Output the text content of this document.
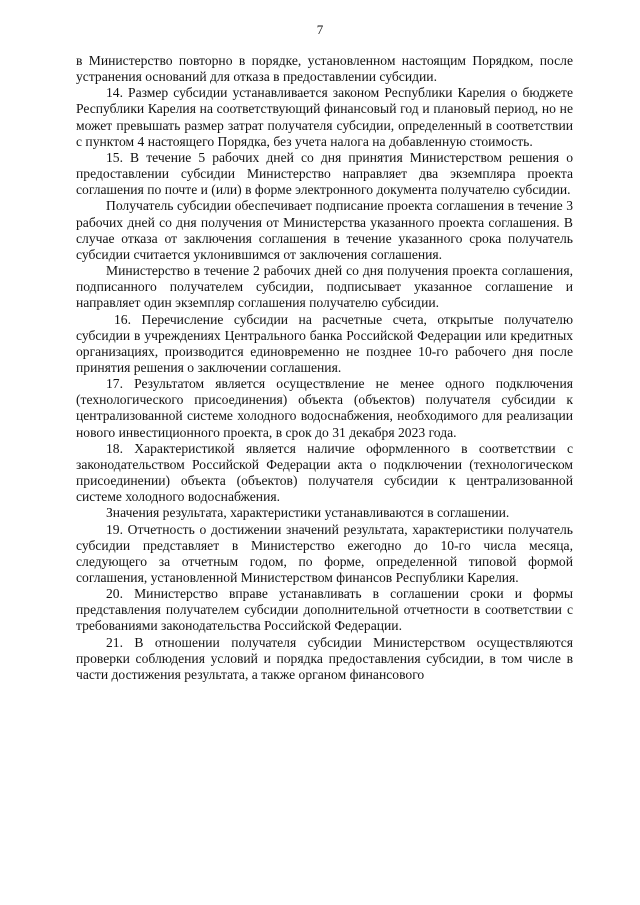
7

в Министерство повторно в порядке, установленном настоящим Порядком, после устранения оснований для отказа в предоставлении субсидии.

14. Размер субсидии устанавливается законом Республики Карелия о бюджете Республики Карелия на соответствующий финансовый год и плановый период, но не может превышать размер затрат получателя субсидии, определенный в соответствии с пунктом 4 настоящего Порядка, без учета налога на добавленную стоимость.

15. В течение 5 рабочих дней со дня принятия Министерством решения о предоставлении субсидии Министерство направляет два экземпляра проекта соглашения по почте и (или) в форме электронного документа получателю субсидии.

Получатель субсидии обеспечивает подписание проекта соглашения в течение 3 рабочих дней со дня получения от Министерства указанного проекта соглашения. В случае отказа от заключения соглашения в течение указанного срока получатель субсидии считается уклонившимся от заключения соглашения.

Министерство в течение 2 рабочих дней со дня получения проекта соглашения, подписанного получателем субсидии, подписывает указанное соглашение и направляет один экземпляр соглашения получателю субсидии.

16. Перечисление субсидии на расчетные счета, открытые получателю субсидии в учреждениях Центрального банка Российской Федерации или кредитных организациях, производится единовременно не позднее 10-го рабочего дня после принятия решения о заключении соглашения.

17. Результатом является осуществление не менее одного подключения (технологического присоединения) объекта (объектов) получателя субсидии к централизованной системе холодного водоснабжения, необходимого для реализации нового инвестиционного проекта, в срок до 31 декабря 2023 года.

18. Характеристикой является наличие оформленного в соответствии с законодательством Российской Федерации акта о подключении (технологическом присоединении) объекта (объектов) получателя субсидии к централизованной системе холодного водоснабжения.

Значения результата, характеристики устанавливаются в соглашении.

19. Отчетность о достижении значений результата, характеристики получатель субсидии представляет в Министерство ежегодно до 10-го числа месяца, следующего за отчетным годом, по форме, определенной типовой формой соглашения, установленной Министерством финансов Республики Карелия.

20. Министерство вправе устанавливать в соглашении сроки и формы представления получателем субсидии дополнительной отчетности в соответствии с требованиями законодательства Российской Федерации.

21. В отношении получателя субсидии Министерством осуществляются проверки соблюдения условий и порядка предоставления субсидии, в том числе в части достижения результата, а также органом финансового
